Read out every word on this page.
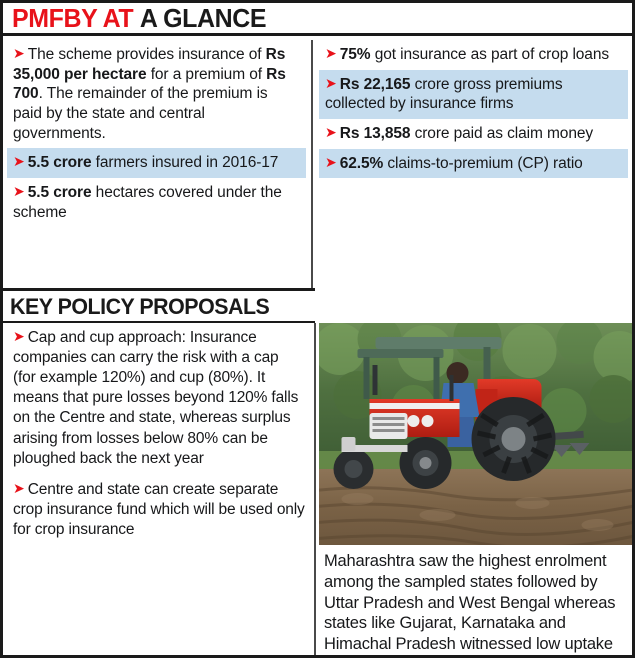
PMFBY AT A GLANCE
➤ The scheme provides insurance of Rs 35,000 per hectare for a premium of Rs 700. The remainder of the premium is paid by the state and central governments.
➤ 5.5 crore farmers insured in 2016-17
➤ 5.5 crore hectares covered under the scheme
➤ 75% got insurance as part of crop loans
➤ Rs 22,165 crore gross premiums collected by insurance firms
➤ Rs 13,858 crore paid as claim money
➤ 62.5% claims-to-premium (CP) ratio
KEY POLICY PROPOSALS
➤ Cap and cup approach: Insurance companies can carry the risk with a cap (for example 120%) and cup (80%). It means that pure losses beyond 120% falls on the Centre and state, whereas surplus arising from losses below 80% can be ploughed back the next year
➤ Centre and state can create separate crop insurance fund which will be used only for crop insurance
Maharashtra saw the highest enrolment among the sampled states followed by Uttar Pradesh and West Bengal whereas states like Gujarat, Karnataka and Himachal Pradesh witnessed low uptake
